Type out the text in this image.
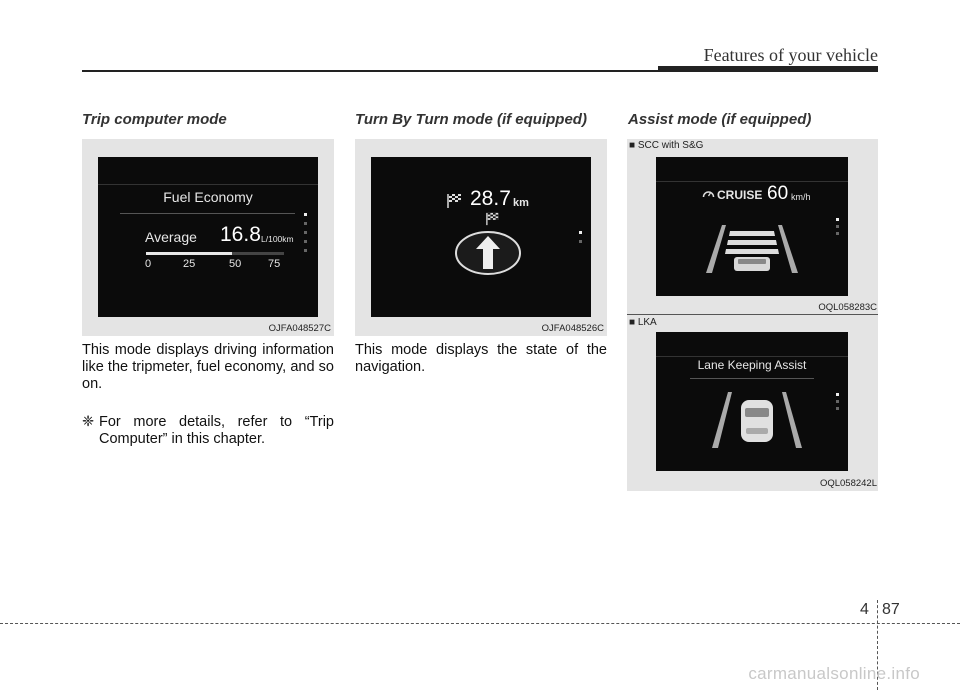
Features of your vehicle
Trip computer mode	Turn By Turn mode (if equipped)	Assist mode (if equipped)
Fuel Economy
Average 16.8 L/100km
0	25	50 75
OJFA048527C
This mode displays driving information like the tripmeter, fuel economy, and so on.
❈ For more details, refer to “Trip
Computer” in this chapter.
28.7 km
OJFA048526C
This mode displays the state of the navigation.
■ SCC with S&G
CRUISE 60 km/h
OQL058283C
■ LKA
Lane Keeping Assist
OQL058242L
4 87
carmanualsonline.info
